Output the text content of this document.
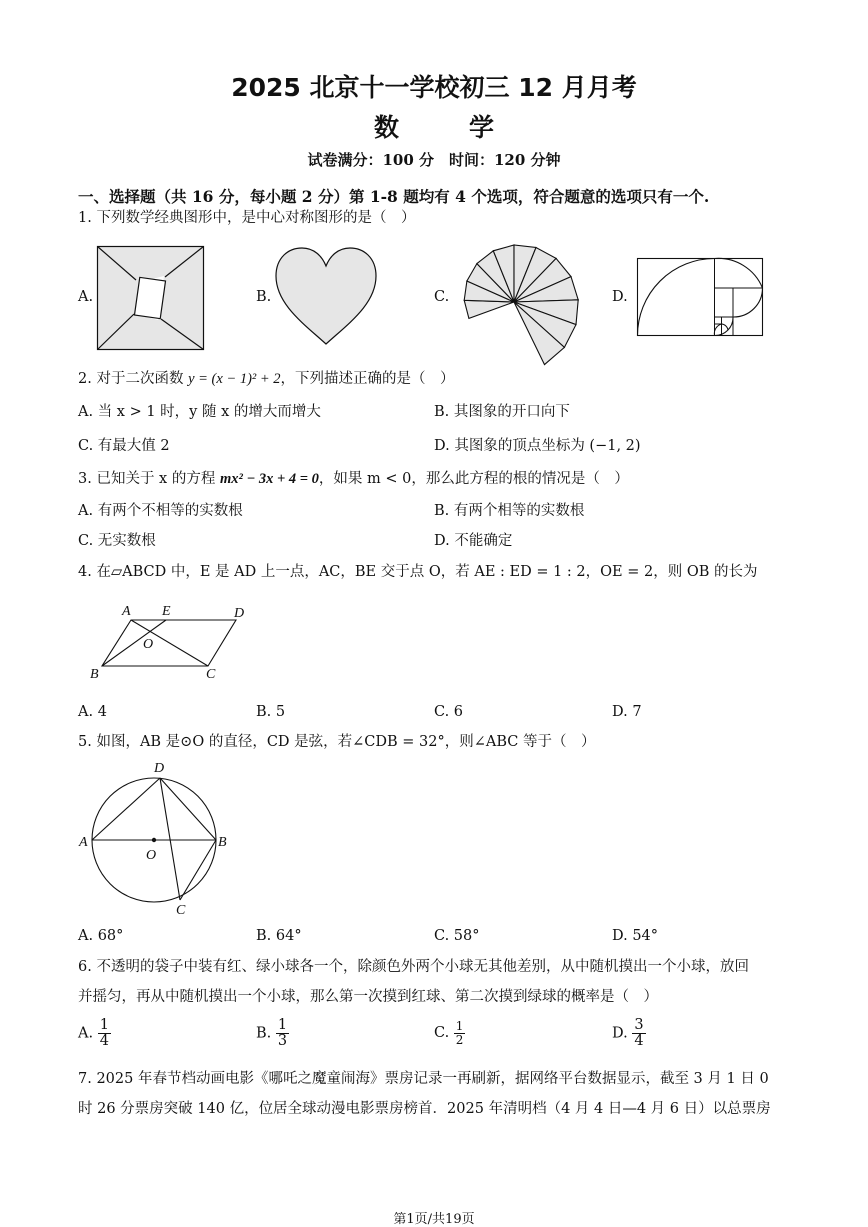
2025 北京十一学校初三 12 月月考
数	学
试卷满分：100 分　时间：120 分钟
一、选择题（共 16 分，每小题 2 分）第 1-8 题均有 4 个选项，符合题意的选项只有一个.
1. 下列数学经典图形中，是中心对称图形的是（　）
A.	B.	C.	D.
2. 对于二次函数 y = (x − 1)² + 2，下列描述正确的是（　）
A. 当 x > 1 时，y 随 x 的增大而增大	B. 其图象的开口向下
C. 有最大值 2	D. 其图象的顶点坐标为 (−1, 2)
3. 已知关于 x 的方程 mx² − 3x + 4 = 0，如果 m < 0，那么此方程的根的情况是（　）
A. 有两个不相等的实数根	B. 有两个相等的实数根
C. 无实数根	D. 不能确定
4. 在▱ABCD 中，E 是 AD 上一点，AC，BE 交于点 O，若 AE : ED = 1 : 2，OE = 2，则 OB 的长为
A E	D
O
B	C
A. 4	B. 5	C. 6	D. 7
5. 如图，AB 是⊙O 的直径，CD 是弦，若∠CDB = 32°，则∠ABC 等于（　）
D
A
O
B
C
A. 68°	B. 64°	C. 58°	D. 54°
6. 不透明的袋子中装有红、绿小球各一个，除颜色外两个小球无其他差别，从中随机摸出一个小球，放回
并摇匀，再从中随机摸出一个小球，那么第一次摸到红球、第二次摸到绿球的概率是（　）
A. $\frac{1}{4}$	B. $\frac{1}{3}$	C. $\frac{1}{2}$	D. $\frac{3}{4}$
7. 2025 年春节档动画电影《哪吒之魔童闹海》票房记录一再刷新，据网络平台数据显示，截至 3 月 1 日 0
时 26 分票房突破 140 亿，位居全球动漫电影票房榜首．2025 年清明档（4 月 4 日—4 月 6 日）以总票房
第1页/共19页
